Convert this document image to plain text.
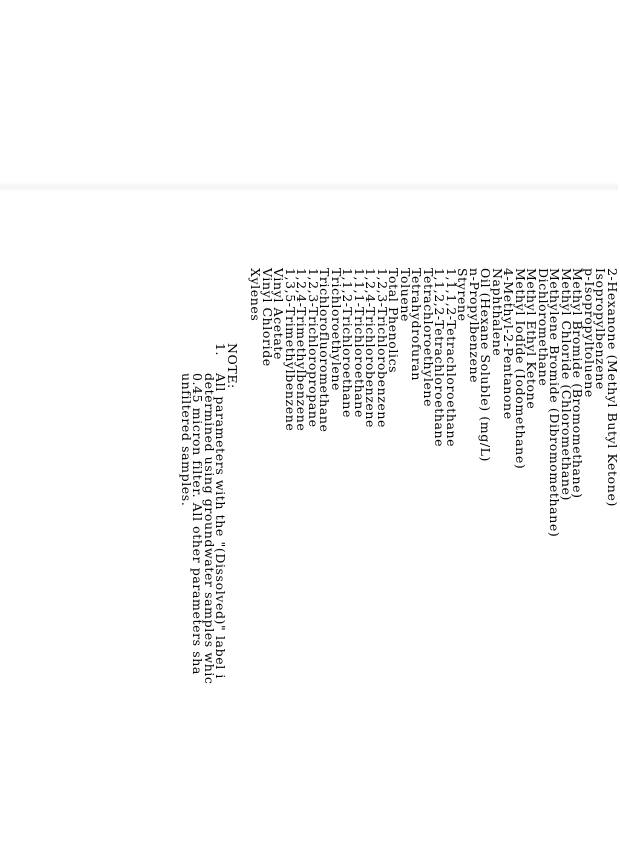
2-Hexanone (Methyl Butyl Ketone)
Isopropylbenzene
p-Isopropyltoluene
Methyl Bromide (Bromomethane)
Methyl Chloride (Chloromethane)
Methylene Bromide (Dibromomethane)
Dichloromethane
Methyl Ethyl Ketone
Methyl Iodide (Iodomethane)
4-Methyl-2-Pentanone
Naphthalene
Oil (Hexane Soluble) (mg/L)
n-Propylbenzene
Styrene
1,1,1,2-Tetrachloroethane
1,1,2,2-Tetrachloroethane
Tetrachloroethylene
Tetrahydrofuran
Toluene
Total Phenolics
1,2,3-Trichlorobenzene
1,2,4-Trichlorobenzene
1,1,1-Trichloroethane
1,1,2-Trichloroethane
Trichloroethylene
Trichlorofluoromethane
1,2,3-Trichloropropane
1,2,4-Trimethylbenzene
1,3,5-Trimethylbenzene
Vinyl Acetate
Vinyl Chloride
Xylenes
NOTE:
1.
All parameters with the "(Dissolved)" label i
determined using groundwater samples whic
0.45 micron filter. All other parameters sha
unfiltered samples.
